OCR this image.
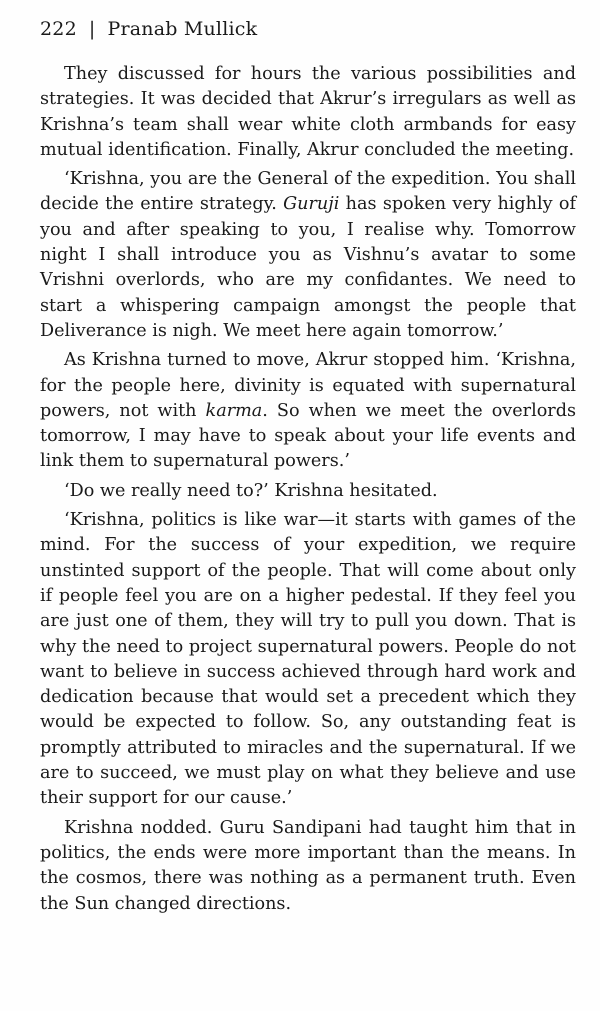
222 | Pranab Mullick

They discussed for hours the various possibilities and strategies. It was decided that Akrur’s irregulars as well as Krishna’s team shall wear white cloth armbands for easy mutual identification. Finally, Akrur concluded the meeting.

‘Krishna, you are the General of the expedition. You shall decide the entire strategy. Guruji has spoken very highly of you and after speaking to you, I realise why. Tomorrow night I shall introduce you as Vishnu’s avatar to some Vrishni overlords, who are my confidantes. We need to start a whispering campaign amongst the people that Deliverance is nigh. We meet here again tomorrow.’

As Krishna turned to move, Akrur stopped him. ‘Krishna, for the people here, divinity is equated with supernatural powers, not with karma. So when we meet the overlords tomorrow, I may have to speak about your life events and link them to supernatural powers.’

‘Do we really need to?’ Krishna hesitated.

‘Krishna, politics is like war—it starts with games of the mind. For the success of your expedition, we require unstinted support of the people. That will come about only if people feel you are on a higher pedestal. If they feel you are just one of them, they will try to pull you down. That is why the need to project supernatural powers. People do not want to believe in success achieved through hard work and dedication because that would set a precedent which they would be expected to follow. So, any outstanding feat is promptly attributed to miracles and the supernatural. If we are to succeed, we must play on what they believe and use their support for our cause.’

Krishna nodded. Guru Sandipani had taught him that in politics, the ends were more important than the means. In the cosmos, there was nothing as a permanent truth. Even the Sun changed directions.
